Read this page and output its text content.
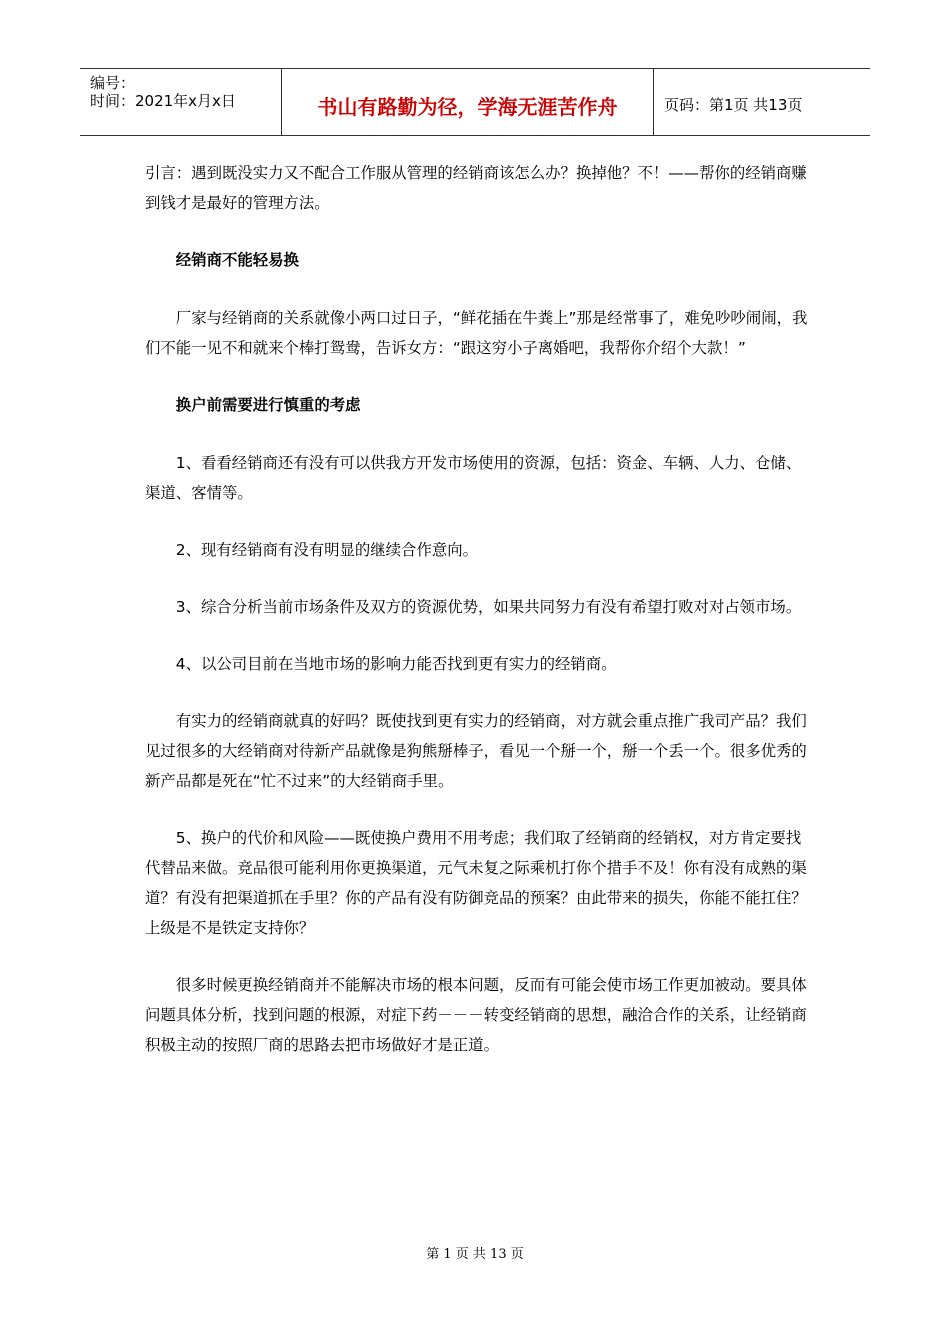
编号：
时间：2021年x月x日	书山有路勤为径，学海无涯苦作舟	页码：第1页 共13页

引言：遇到既没实力又不配合工作服从管理的经销商该怎么办？换掉他？不！——帮你的经销商赚到钱才是最好的管理方法。

经销商不能轻易换

厂家与经销商的关系就像小两口过日子，“鲜花插在牛粪上”那是经常事了，难免吵吵闹闹，我们不能一见不和就来个棒打鸳鸯，告诉女方：“跟这穷小子离婚吧，我帮你介绍个大款！”

换户前需要进行慎重的考虑

1、看看经销商还有没有可以供我方开发市场使用的资源，包括：资金、车辆、人力、仓储、渠道、客情等。

2、现有经销商有没有明显的继续合作意向。

3、综合分析当前市场条件及双方的资源优势，如果共同努力有没有希望打败对对占领市场。

4、以公司目前在当地市场的影响力能否找到更有实力的经销商。

有实力的经销商就真的好吗？既使找到更有实力的经销商，对方就会重点推广我司产品？我们见过很多的大经销商对待新产品就像是狗熊掰棒子，看见一个掰一个，掰一个丢一个。很多优秀的新产品都是死在“忙不过来”的大经销商手里。

5、换户的代价和风险——既使换户费用不用考虑；我们取了经销商的经销权，对方肯定要找代替品来做。竞品很可能利用你更换渠道，元气未复之际乘机打你个措手不及！你有没有成熟的渠道？有没有把渠道抓在手里？你的产品有没有防御竞品的预案？由此带来的损失，你能不能扛住？上级是不是铁定支持你？

很多时候更换经销商并不能解决市场的根本问题，反而有可能会使市场工作更加被动。要具体问题具体分析，找到问题的根源，对症下药－－－转变经销商的思想，融洽合作的关系，让经销商积极主动的按照厂商的思路去把市场做好才是正道。

第 1 页 共 13 页
